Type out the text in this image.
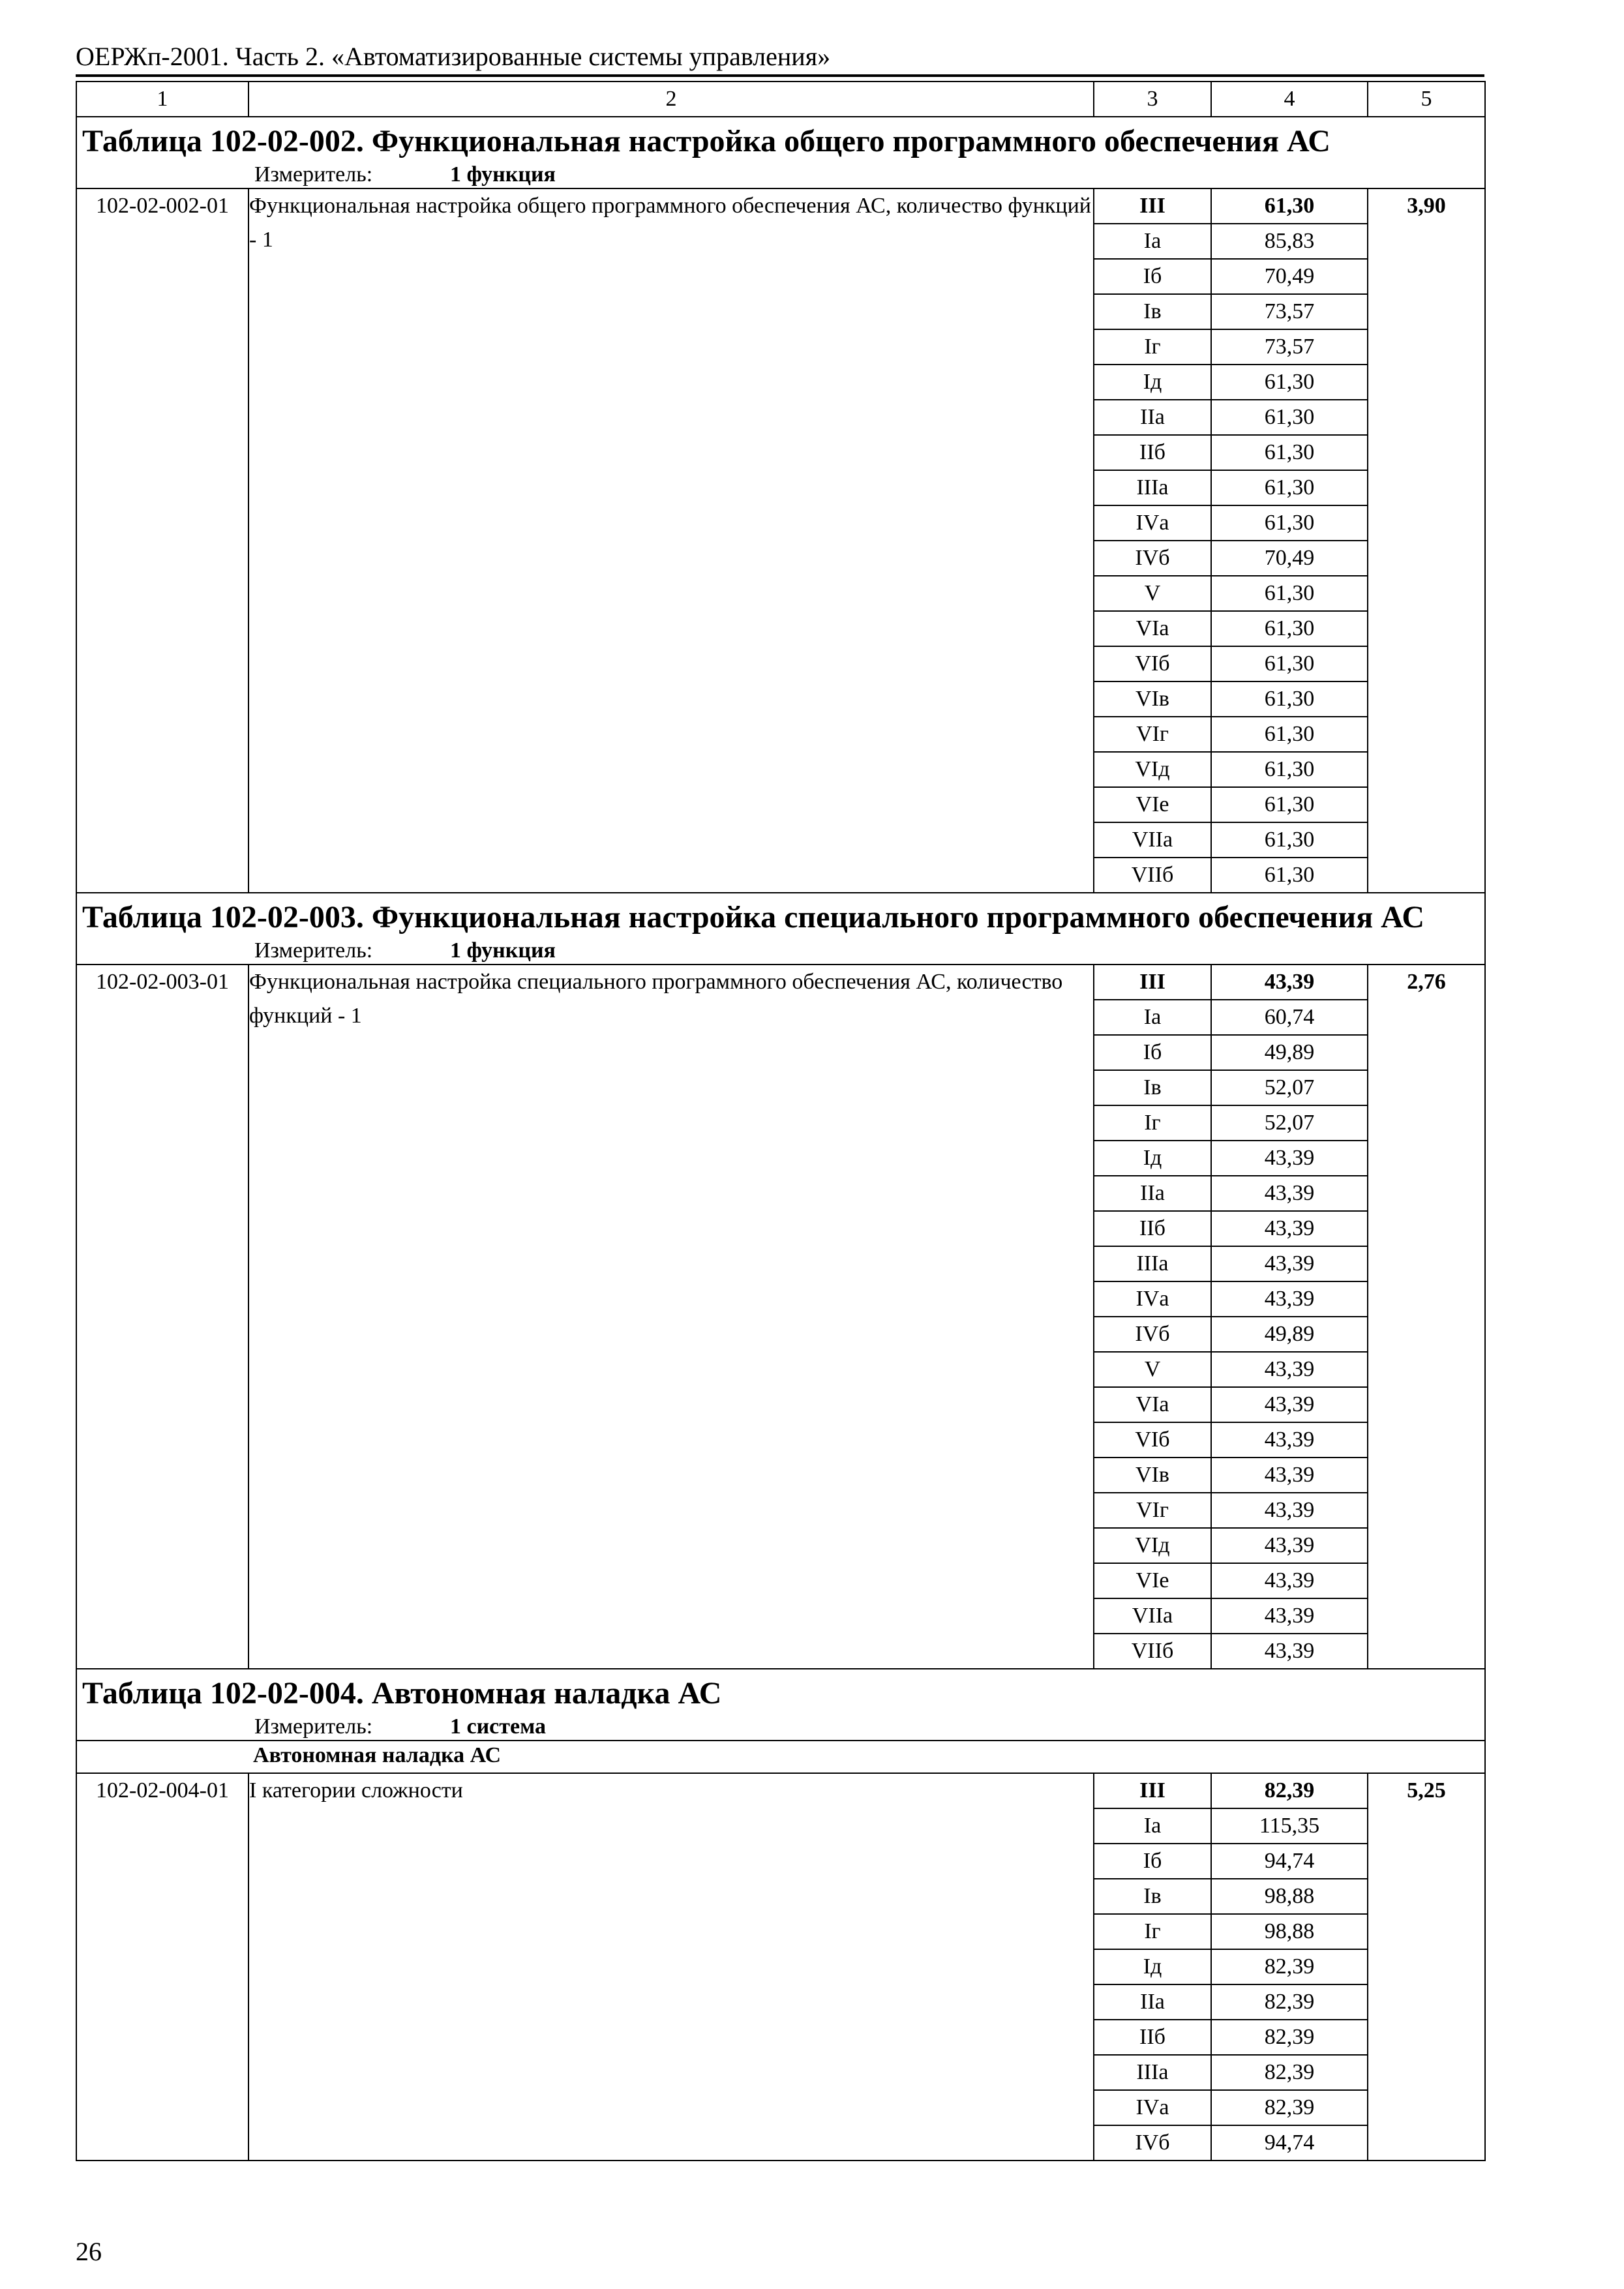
ОЕРЖп-2001. Часть 2. «Автоматизированные системы управления»
1	2	3	4	5

Таблица 102-02-002. Функциональная настройка общего программного обеспечения АС
Измеритель: 1 функция				

102-02-002-01	Функциональная настройка общего программного обеспечения АС, количество функций - 1	III	61,30	3,90
		Iа	85,83	
		Iб	70,49	
		Iв	73,57	
		Iг	73,57	
		Iд	61,30	
		IIа	61,30	
		IIб	61,30	
		IIIа	61,30	
		IVа	61,30	
		IVб	70,49	
		V	61,30	
		VIа	61,30	
		VIб	61,30	
		VIв	61,30	
		VIг	61,30	
		VIд	61,30	
		VIе	61,30	
		VIIа	61,30	
		VIIб	61,30	

Таблица 102-02-003. Функциональная настройка специального программного обеспечения АС
Измеритель: 1 функция				

102-02-003-01	Функциональная настройка специального программного обеспечения АС, количество функций - 1	III	43,39	2,76
		Iа	60,74	
		Iб	49,89	
		Iв	52,07	
		Iг	52,07	
		Iд	43,39	
		IIа	43,39	
		IIб	43,39	
		IIIа	43,39	
		IVа	43,39	
		IVб	49,89	
		V	43,39	
		VIа	43,39	
		VIб	43,39	
		VIв	43,39	
		VIг	43,39	
		VIд	43,39	
		VIе	43,39	
		VIIа	43,39	
		VIIб	43,39	

Таблица 102-02-004. Автономная наладка АС
Измеритель: 1 система				

Автономная наладка АС				

102-02-004-01	I категории сложности	III	82,39	5,25
		Iа	115,35	
		Iб	94,74	
		Iв	98,88	
		Iг	98,88	
		Iд	82,39	
		IIа	82,39	
		IIб	82,39	
		IIIа	82,39	
		IVа	82,39	
		IVб	94,74	
26
